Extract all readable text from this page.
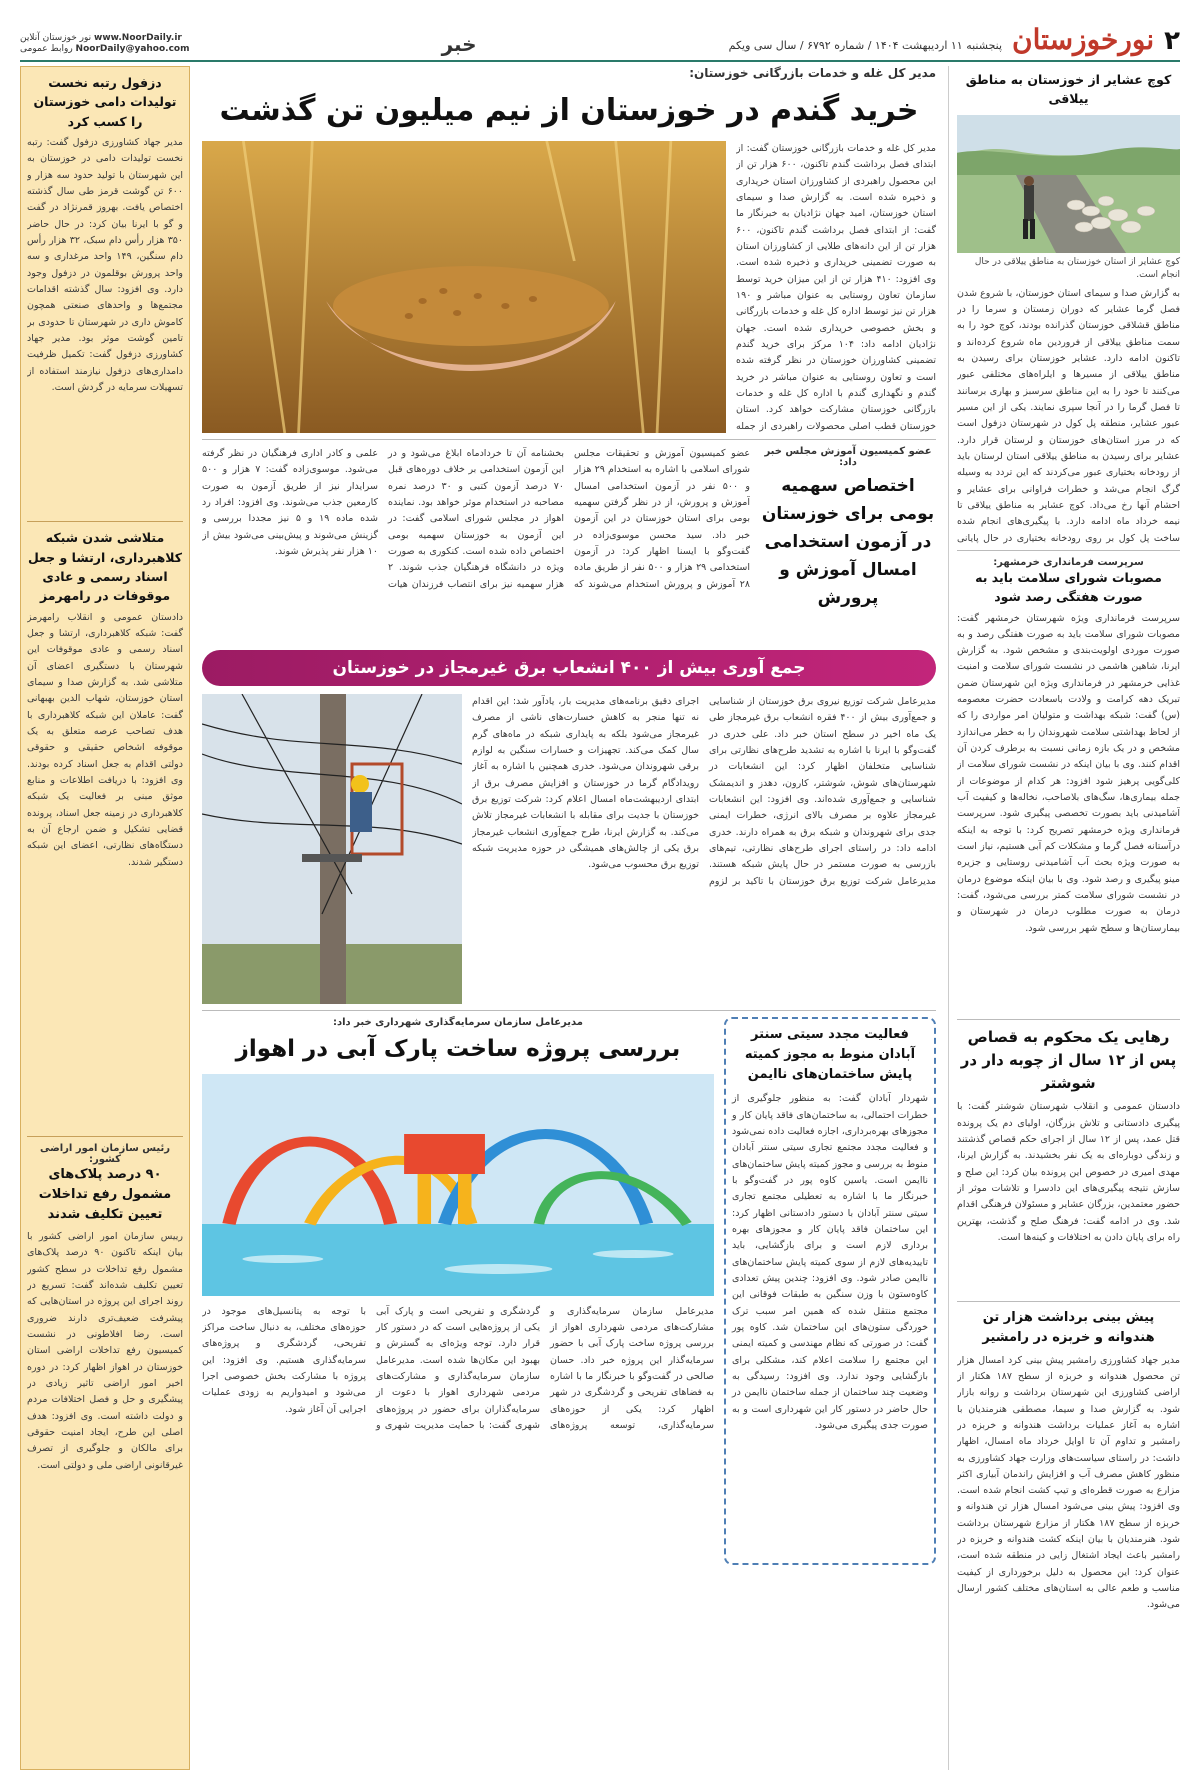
۲
نورخوزستان
پنجشنبه ۱۱ اردیبهشت ۱۴۰۴ / شماره ۶۷۹۲ / سال سی ویکم
خبر
www.NoorDaily.ir نور خوزستان آنلاین
NoorDaily@yahoo.com روابط عمومی
کوچ عشایر از خوزستان به مناطق ییلاقی
کوچ عشایر از استان خوزستان به مناطق ییلاقی در حال انجام است.
به گزارش صدا و سیمای استان خوزستان، با شروع شدن فصل گرما عشایر که دوران زمستان و سرما را در مناطق قشلاقی خوزستان گذرانده بودند، کوچ خود را به سمت مناطق ییلاقی از فروردین ماه شروع کرده‌اند و تاکنون ادامه دارد. عشایر خوزستان برای رسیدن به مناطق ییلاقی از مسیرها و ایلراه‌های مختلفی عبور می‌کنند تا خود را به این مناطق سرسبز و بهاری برسانند تا فصل گرما را در آنجا سپری نمایند. یکی از این مسیر عبور عشایر، منطقه پل کول در شهرستان دزفول است که در مرز استان‌های خوزستان و لرستان قرار دارد. عشایر برای رسیدن به مناطق ییلاقی استان لرستان باید از رودخانه بختیاری عبور می‌کردند که این تردد به وسیله گرگ انجام می‌شد و خطرات فراوانی برای عشایر و احشام آنها رخ می‌داد. کوچ عشایر به مناطق ییلاقی تا نیمه خرداد ماه ادامه دارد. با پیگیری‌های انجام شده ساخت پل کول بر روی رودخانه بختیاری در حال پایانی
سرپرست فرمانداری خرمشهر:
مصوبات شورای سلامت باید به صورت هفتگی رصد شود
سرپرست فرمانداری ویژه شهرستان خرمشهر گفت: مصوبات شورای سلامت باید به صورت هفتگی رصد و به صورت موردی اولویت‌بندی و مشخص شود. به گزارش ایرنا، شاهین هاشمی در نشست شورای سلامت و امنیت غذایی خرمشهر در فرمانداری ویژه این شهرستان ضمن تبریک دهه کرامت و ولادت باسعادت حضرت معصومه (س) گفت: شبکه بهداشت و متولیان امر مواردی را که از لحاظ بهداشتی سلامت شهروندان را به خطر می‌اندازد مشخص و در یک بازه زمانی نسبت به برطرف کردن آن اقدام کنند. وی با بیان اینکه در نشست شورای سلامت از کلی‌گویی پرهیز شود افزود: هر کدام از موضوعات از جمله بیماری‌ها، سگ‌های بلاصاحب، نخاله‌ها و کیفیت آب آشامیدنی باید بصورت تخصصی پیگیری شود. سرپرست فرمانداری ویژه خرمشهر تصریح کرد: با توجه به اینکه درآستانه فصل گرما و مشکلات کم آبی هستیم، نیاز است به صورت ویژه بحث آب آشامیدنی روستایی و جزیره مینو پیگیری و رصد شود. وی با بیان اینکه موضوع درمان در نشست شورای سلامت کمتر بررسی می‌شود، گفت: درمان به صورت مطلوب درمان در شهرستان و بیمارستان‌ها و سطح شهر بررسی شود.
رهایی یک محکوم به قصاص پس از ۱۲ سال از چوبه دار در شوشتر
دادستان عمومی و انقلاب شهرستان شوشتر گفت: با پیگیری دادستانی و تلاش بزرگان، اولیای دم یک پرونده قتل عمد، پس از ۱۲ سال از اجرای حکم قصاص گذشتند و زندگی دوباره‌ای به یک نفر بخشیدند. به گزارش ایرنا، مهدی امیری در خصوص این پرونده بیان کرد: این صلح و سازش نتیجه پیگیری‌های این دادسرا و تلاشات موثر از حضور معتمدین، بزرگان عشایر و مسئولان فرهنگی اقدام شد. وی در ادامه گفت: فرهنگ صلح و گذشت، بهترین راه برای پایان دادن به اختلافات و کینه‌ها است.
پیش بینی برداشت هزار تن هندوانه و خربزه در رامشیر
مدیر جهاد کشاورزی رامشیر پیش بینی کرد امسال هزار تن محصول هندوانه و خربزه از سطح ۱۸۷ هکتار از اراضی کشاورزی این شهرستان برداشت و روانه بازار شود. به گزارش صدا و سیما، مصطفی هنرمندیان با اشاره به آغاز عملیات برداشت هندوانه و خربزه در رامشیر و تداوم آن تا اوایل خرداد ماه امسال، اظهار داشت: در راستای سیاست‌های وزارت جهاد کشاورزی به منظور کاهش مصرف آب و افزایش راندمان آبیاری اکثر مزارع به صورت قطره‌ای و تیپ کشت انجام شده است. وی افزود: پیش بینی می‌شود امسال هزار تن هندوانه و خربزه از سطح ۱۸۷ هکتار از مزارع شهرستان برداشت شود. هنرمندیان با بیان اینکه کشت هندوانه و خربزه در رامشیر باعث ایجاد اشتغال زایی در منطقه شده است، عنوان کرد: این محصول به دلیل برخورداری از کیفیت مناسب و طعم عالی به استان‌های مختلف کشور ارسال می‌شود.
مدیر کل غله و خدمات بازرگانی خوزستان:
خرید گندم در خوزستان از نیم میلیون تن گذشت
مدیر کل غله و خدمات بازرگانی خوزستان گفت: از ابتدای فصل برداشت گندم تاکنون، ۶۰۰ هزار تن از این محصول راهبردی از کشاورزان استان خریداری و ذخیره شده است. به گزارش صدا و سیمای استان خوزستان، امید جهان نژادیان به خبرنگار ما گفت: از ابتدای فصل برداشت گندم تاکنون، ۶۰۰ هزار تن از این دانه‌های طلایی از کشاورزان استان به صورت تضمینی خریداری و ذخیره شده است. وی افزود: ۴۱۰ هزار تن از این میزان خرید توسط سازمان تعاون روستایی به عنوان مباشر و ۱۹۰ هزار تن نیز توسط اداره کل غله و خدمات بازرگانی و بخش خصوصی خریداری شده است. جهان نژادیان ادامه داد: ۱۰۴ مرکز برای خرید گندم تضمینی کشاورزان خوزستان در نظر گرفته شده است و تعاون روستایی به عنوان مباشر در خرید گندم و نگهداری گندم با اداره کل غله و خدمات بازرگانی خوزستان مشارکت خواهد کرد. استان خوزستان قطب اصلی محصولات راهبردی از جمله
عضو کمیسیون آموزش مجلس خبر داد:
اختصاص سهمیه بومی برای خوزستان در آزمون استخدامی امسال آموزش و پرورش
عضو کمیسیون آموزش و تحقیقات مجلس شورای اسلامی با اشاره به استخدام ۲۹ هزار و ۵۰۰ نفر در آزمون استخدامی امسال آموزش و پرورش، از در نظر گرفتن سهمیه بومی برای استان خوزستان در این آزمون خبر داد. سید محسن موسوی‌زاده در گفت‌وگو با ایسنا اظهار کرد: در آزمون استخدامی ۲۹ هزار و ۵۰۰ نفر از طریق ماده ۲۸ آموزش و پرورش استخدام می‌شوند که بخشنامه آن تا خردادماه ابلاغ می‌شود و در این آزمون استخدامی بر خلاف دوره‌های قبل ۷۰ درصد آزمون کتبی و ۳۰ درصد نمره مصاحبه در استخدام موثر خواهد بود. نماینده اهواز در مجلس شورای اسلامی گفت: در این آزمون به خوزستان سهمیه بومی اختصاص داده شده است. کنکوری به صورت ویژه در دانشگاه فرهنگیان جذب شوند. ۲ هزار سهمیه نیز برای انتصاب فرزندان هیات علمی و کادر اداری فرهنگیان در نظر گرفته می‌شود. موسوی‌زاده گفت: ۷ هزار و ۵۰۰ سرایدار نیز از طریق آزمون به صورت کارمعین جذب می‌شوند. وی افزود: افراد رد شده ماده ۱۹ و ۵ نیز مجددا بررسی و گزینش می‌شوند و پیش‌بینی می‌شود بیش از ۱۰ هزار نفر پذیرش شوند.
جمع آوری بیش از ۴۰۰ انشعاب برق غیرمجاز در خوزستان
مدیرعامل شرکت توزیع نیروی برق خوزستان از شناسایی و جمع‌آوری بیش از ۴۰۰ فقره انشعاب برق غیرمجاز طی یک ماه اخیر در سطح استان خبر داد. علی خدری در گفت‌وگو با ایرنا با اشاره به تشدید طرح‌های نظارتی برای شناسایی متخلفان اظهار کرد: این انشعابات در شهرستان‌های شوش، شوشتر، کارون، دهدز و اندیمشک شناسایی و جمع‌آوری شده‌اند. وی افزود: این انشعابات غیرمجاز علاوه بر مصرف بالای انرژی، خطرات ایمنی جدی برای شهروندان و شبکه برق به همراه دارند. خدری ادامه داد: در راستای اجرای طرح‌های نظارتی، تیم‌های بازرسی به صورت مستمر در حال پایش شبکه هستند. مدیرعامل شرکت توزیع برق خوزستان با تاکید بر لزوم اجرای دقیق برنامه‌های مدیریت بار، یادآور شد: این اقدام نه تنها منجر به کاهش خسارت‌های ناشی از مصرف غیرمجاز می‌شود بلکه به پایداری شبکه در ماه‌های گرم سال کمک می‌کند. تجهیزات و خسارات سنگین به لوازم برقی شهروندان می‌شود. خدری همچنین با اشاره به آغاز رویدادگام گرما در خوزستان و افزایش مصرف برق از ابتدای اردیبهشت‌ماه امسال اعلام کرد: شرکت توزیع برق خوزستان با جدیت برای مقابله با انشعابات غیرمجاز تلاش می‌کند. به گزارش ایرنا، طرح جمع‌آوری انشعاب غیرمجاز برق یکی از چالش‌های همیشگی در حوزه مدیریت شبکه توزیع برق محسوب می‌شود.
فعالیت مجدد سیتی سنتر آبادان منوط به مجوز کمیته پایش ساختمان‌های ناایمن
شهردار آبادان گفت: به منظور جلوگیری از خطرات احتمالی، به ساختمان‌های فاقد پایان کار و مجوزهای بهره‌برداری، اجازه فعالیت داده نمی‌شود و فعالیت مجدد مجتمع تجاری سیتی سنتر آبادان منوط به بررسی و مجوز کمیته پایش ساختمان‌های ناایمن است. یاسین کاوه پور در گفت‌وگو با خبرنگار ما با اشاره به تعطیلی مجتمع تجاری سیتی سنتر آبادان با دستور دادستانی اظهار کرد: این ساختمان فاقد پایان کار و مجوزهای بهره برداری لازم است و برای بازگشایی، باید تاییدیه‌های لازم از سوی کمیته پایش ساختمان‌های ناایمن صادر شود. وی افزود: چندین پیش تعدادی کاوه‌ستون با وزن سنگین به طبقات فوقانی این مجتمع منتقل شده که همین امر سبب ترک خوردگی ستون‌های این ساختمان شد. کاوه پور گفت: در صورتی که نظام مهندسی و کمیته ایمنی این مجتمع را سلامت اعلام کند، مشکلی برای بازگشایی وجود ندارد. وی افزود: رسیدگی به وضعیت چند ساختمان از جمله ساختمان ناایمن در حال حاضر در دستور کار این شهرداری است و به صورت جدی پیگیری می‌شود.
مدیرعامل سازمان سرمایه‌گذاری شهرداری خبر داد:
بررسی پروژه ساخت پارک آبی در اهواز
مدیرعامل سازمان سرمایه‌گذاری و مشارکت‌های مردمی شهرداری اهواز از بررسی پروژه ساخت پارک آبی با حضور سرمایه‌گذار این پروژه خبر داد. حسان صالحی در گفت‌وگو با خبرنگار ما با اشاره به فضاهای تفریحی و گردشگری در شهر اظهار کرد: یکی از حوزه‌های سرمایه‌گذاری، توسعه پروژه‌های گردشگری و تفریحی است و پارک آبی یکی از پروژه‌هایی است که در دستور کار قرار دارد. توجه ویژه‌ای به گسترش و بهبود این مکان‌ها شده است. مدیرعامل سازمان سرمایه‌گذاری و مشارکت‌های مردمی شهرداری اهواز با دعوت از سرمایه‌گذاران برای حضور در پروژه‌های شهری گفت: با حمایت مدیریت شهری و با توجه به پتانسیل‌های موجود در حوزه‌های مختلف، به دنبال ساخت مراکز تفریحی، گردشگری و پروژه‌های سرمایه‌گذاری هستیم. وی افزود: این پروژه با مشارکت بخش خصوصی اجرا می‌شود و امیدواریم به زودی عملیات اجرایی آن آغاز شود.
دزفول رتبه نخست تولیدات دامی خوزستان را کسب کرد
مدیر جهاد کشاورزی دزفول گفت: رتبه نخست تولیدات دامی در خوزستان به این شهرستان با تولید حدود سه هزار و ۶۰۰ تن گوشت قرمز طی سال گذشته اختصاص یافت. بهروز قمرنژاد در گفت و گو با ایرنا بیان کرد: در حال حاضر ۳۵۰ هزار رأس دام سبک، ۳۲ هزار رأس دام سنگین، ۱۴۹ واحد مرغداری و سه واحد پرورش بوقلمون در دزفول وجود دارد. وی افزود: سال گذشته اقدامات مجتمع‌ها و واحدهای صنعتی همچون کاموش داری در شهرستان تا حدودی بر تامین گوشت موثر بود. مدیر جهاد کشاورزی دزفول گفت: تکمیل ظرفیت دامداری‌های دزفول نیازمند استفاده از تسهیلات سرمایه در گردش است.
متلاشی شدن شبکه کلاهبرداری، ارتشا و جعل اسناد رسمی و عادی موقوفات در رامهرمز
دادستان عمومی و انقلاب رامهرمز گفت: شبکه کلاهبرداری، ارتشا و جعل اسناد رسمی و عادی موقوفات این شهرستان با دستگیری اعضای آن متلاشی شد. به گزارش صدا و سیمای استان خوزستان، شهاب الدین بهبهانی گفت: عاملان این شبکه کلاهبرداری با هدف تصاحب عرصه متعلق به یک موقوفه اشخاص حقیقی و حقوقی دولتی اقدام به جعل اسناد کرده بودند. وی افزود: با دریافت اطلاعات و منابع موثق مبنی بر فعالیت یک شبکه کلاهبرداری در زمینه جعل اسناد، پرونده قضایی تشکیل و ضمن ارجاع آن به دستگاه‌های نظارتی، اعضای این شبکه دستگیر شدند.
رئیس سازمان امور اراضی کشور:
۹۰ درصد پلاک‌های مشمول رفع تداخلات تعیین تکلیف شدند
رییس سازمان امور اراضی کشور با بیان اینکه تاکنون ۹۰ درصد پلاک‌های مشمول رفع تداخلات در سطح کشور تعیین تکلیف شده‌اند گفت: تسریع در روند اجرای این پروژه در استان‌هایی که پیشرفت ضعیف‌تری دارند ضروری است. رضا افلاطونی در نشست کمیسیون رفع تداخلات اراضی استان خوزستان در اهواز اظهار کرد: در دوره اخیر امور اراضی تاثیر زیادی در پیشگیری و حل و فصل اختلافات مردم و دولت داشته است. وی افزود: هدف اصلی این طرح، ایجاد امنیت حقوقی برای مالکان و جلوگیری از تصرف غیرقانونی اراضی ملی و دولتی است.
